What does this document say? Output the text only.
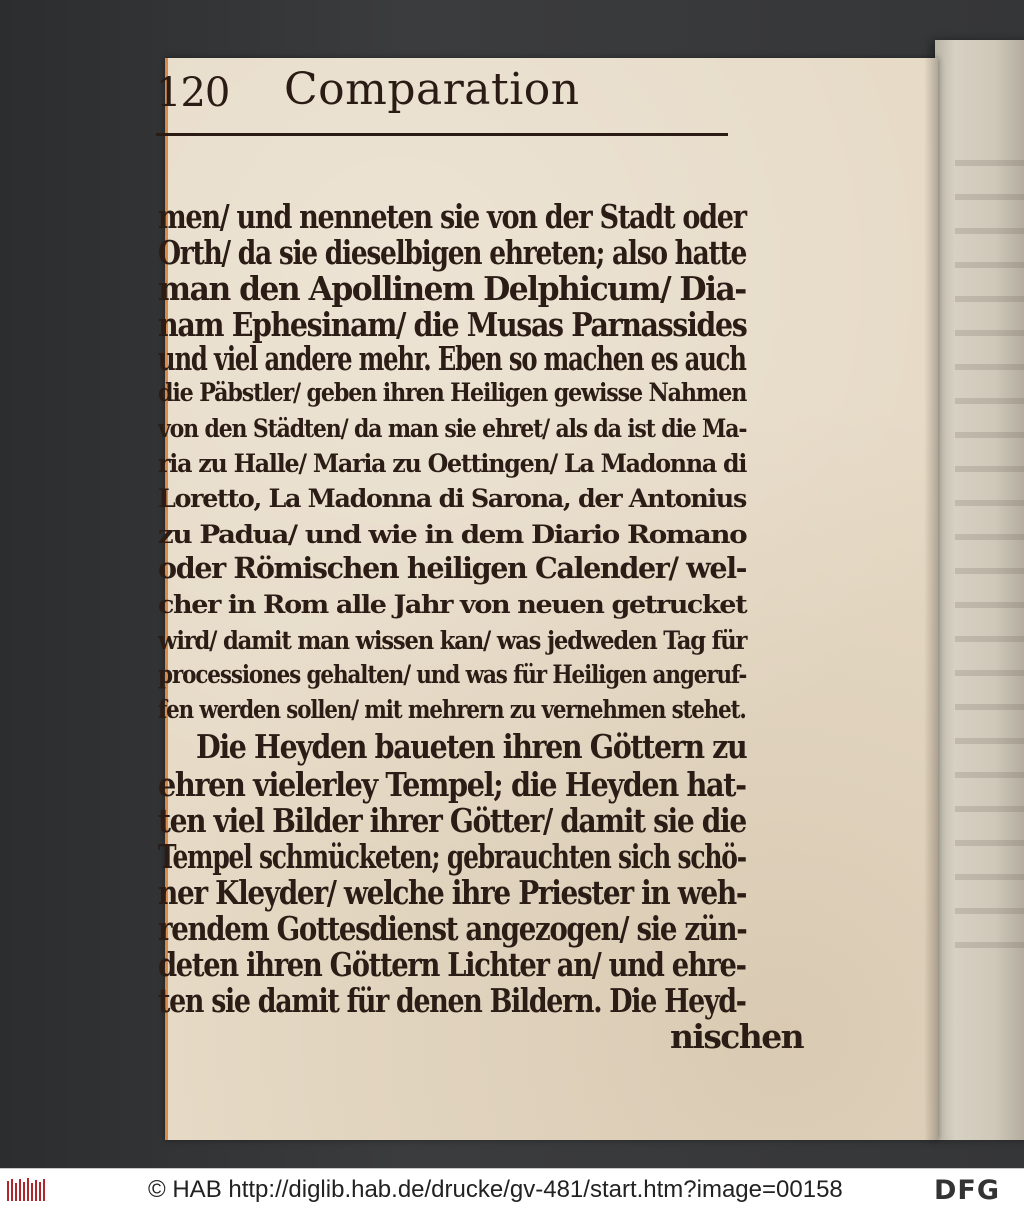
120 Comparation
men/ und nenneten sie von der Stadt oder
Orth/ da sie dieselbigen ehreten; also hatte
man den Apollinem Delphicum/ Dia-
nam Ephesinam/ die Musas Parnassides
und viel andere mehr. Eben so machen es auch
die Päbstler/ geben ihren Heiligen gewisse Nahmen
von den Städten/ da man sie ehret/ als da ist die Ma-
ria zu Halle/ Maria zu Oettingen/ La Madonna di
Loretto, La Madonna di Sarona, der Antonius
zu Padua/ und wie in dem Diario Romano
oder Römischen heiligen Calender/ wel-
cher in Rom alle Jahr von neuen getrucket
wird/ damit man wissen kan/ was jedweden Tag für
processiones gehalten/ und was für Heiligen angeruf-
fen werden sollen/ mit mehrern zu vernehmen stehet.
Die Heyden baueten ihren Göttern zu
ehren vielerley Tempel; die Heyden hat-
ten viel Bilder ihrer Götter/ damit sie die
Tempel schmücketen; gebrauchten sich schö-
ner Kleyder/ welche ihre Priester in weh-
rendem Gottesdienst angezogen/ sie zün-
deten ihren Göttern Lichter an/ und ehre-
ten sie damit für denen Bildern. Die Heyd-
nischen
© HAB http://diglib.hab.de/drucke/gv-481/start.htm?image=00158	DFG
